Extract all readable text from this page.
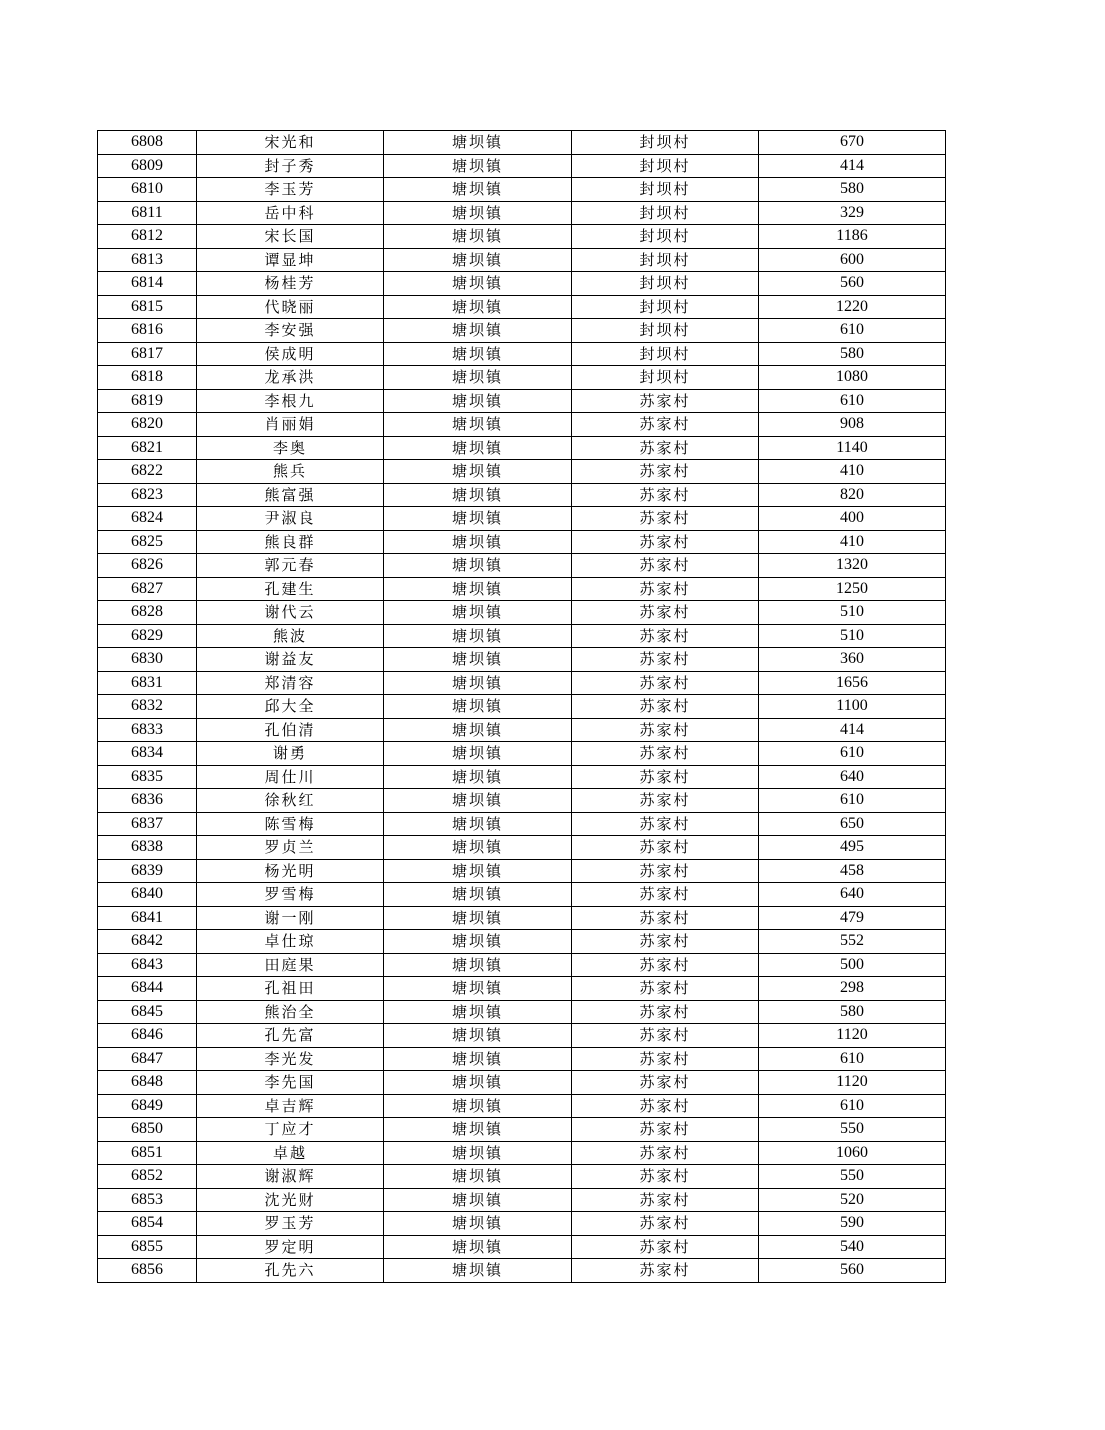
6808	宋光和	塘坝镇	封坝村	670
6809	封子秀	塘坝镇	封坝村	414
6810	李玉芳	塘坝镇	封坝村	580
6811	岳中科	塘坝镇	封坝村	329
6812	宋长国	塘坝镇	封坝村	1186
6813	谭显坤	塘坝镇	封坝村	600
6814	杨桂芳	塘坝镇	封坝村	560
6815	代晓丽	塘坝镇	封坝村	1220
6816	李安强	塘坝镇	封坝村	610
6817	侯成明	塘坝镇	封坝村	580
6818	龙承洪	塘坝镇	封坝村	1080
6819	李根九	塘坝镇	苏家村	610
6820	肖丽娟	塘坝镇	苏家村	908
6821	李奥	塘坝镇	苏家村	1140
6822	熊兵	塘坝镇	苏家村	410
6823	熊富强	塘坝镇	苏家村	820
6824	尹淑良	塘坝镇	苏家村	400
6825	熊良群	塘坝镇	苏家村	410
6826	郭元春	塘坝镇	苏家村	1320
6827	孔建生	塘坝镇	苏家村	1250
6828	谢代云	塘坝镇	苏家村	510
6829	熊波	塘坝镇	苏家村	510
6830	谢益友	塘坝镇	苏家村	360
6831	郑清容	塘坝镇	苏家村	1656
6832	邱大全	塘坝镇	苏家村	1100
6833	孔伯清	塘坝镇	苏家村	414
6834	谢勇	塘坝镇	苏家村	610
6835	周仕川	塘坝镇	苏家村	640
6836	徐秋红	塘坝镇	苏家村	610
6837	陈雪梅	塘坝镇	苏家村	650
6838	罗贞兰	塘坝镇	苏家村	495
6839	杨光明	塘坝镇	苏家村	458
6840	罗雪梅	塘坝镇	苏家村	640
6841	谢一刚	塘坝镇	苏家村	479
6842	卓仕琼	塘坝镇	苏家村	552
6843	田庭果	塘坝镇	苏家村	500
6844	孔祖田	塘坝镇	苏家村	298
6845	熊治全	塘坝镇	苏家村	580
6846	孔先富	塘坝镇	苏家村	1120
6847	李光发	塘坝镇	苏家村	610
6848	李先国	塘坝镇	苏家村	1120
6849	卓吉辉	塘坝镇	苏家村	610
6850	丁应才	塘坝镇	苏家村	550
6851	卓越	塘坝镇	苏家村	1060
6852	谢淑辉	塘坝镇	苏家村	550
6853	沈光财	塘坝镇	苏家村	520
6854	罗玉芳	塘坝镇	苏家村	590
6855	罗定明	塘坝镇	苏家村	540
6856	孔先六	塘坝镇	苏家村	560
